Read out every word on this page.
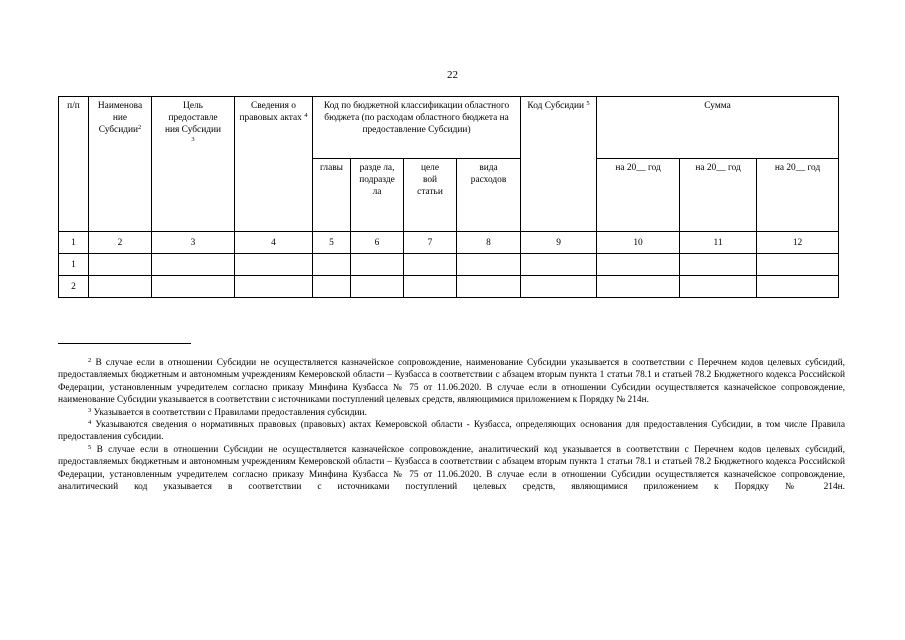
22
п/п	Наименова ние Субсидии$^2$	Цель предоставле ния Субсидии $^3$	Сведения о правовых актах $^4$	Код по бюджетной классификации областного бюджета (по расходам областного бюджета на предоставление Субсидии)				Код Субсидии $^5$	Сумма		
				главы	разде ла, подразде ла	целе вой статьи	вида расходов		на 20__ год	на 20__ год	на 20__ год
1	2	3	4	5	6	7	8	9	10	11	12
1											
2											

$^2$ В случае если в отношении Субсидии не осуществляется казначейское сопровождение, наименование Субсидии указывается в соответствии с Перечнем кодов целевых субсидий, предоставляемых бюджетным и автономным учреждениям Кемеровской области – Кузбасса в соответствии с абзацем вторым пункта 1 статьи 78.1 и статьей 78.2 Бюджетного кодекса Российской Федерации, установленным учредителем согласно приказу Минфина Кузбасса № 75 от 11.06.2020. В случае если в отношении Субсидии осуществляется казначейское сопровождение, наименование Субсидии указывается в соответствии с источниками поступлений целевых средств, являющимися приложением к Порядку № 214н.

$^3$ Указывается в соответствии с Правилами предоставления субсидии.

$^4$ Указываются сведения о нормативных правовых (правовых) актах Кемеровской области - Кузбасса, определяющих основания для предоставления Субсидии, в том числе Правила предоставления субсидии.

$^5$ В случае если в отношении Субсидии не осуществляется казначейское сопровождение, аналитический код указывается в соответствии с Перечнем кодов целевых субсидий, предоставляемых бюджетным и автономным учреждениям Кемеровской области – Кузбасса в соответствии с абзацем вторым пункта 1 статьи 78.1 и статьей 78.2 Бюджетного кодекса Российской Федерации, установленным учредителем согласно приказу Минфина Кузбасса № 75 от 11.06.2020. В случае если в отношении Субсидии осуществляется казначейское сопровождение, аналитический код указывается в соответствии с источниками поступлений целевых средств, являющимися приложением к Порядку № 214н.
